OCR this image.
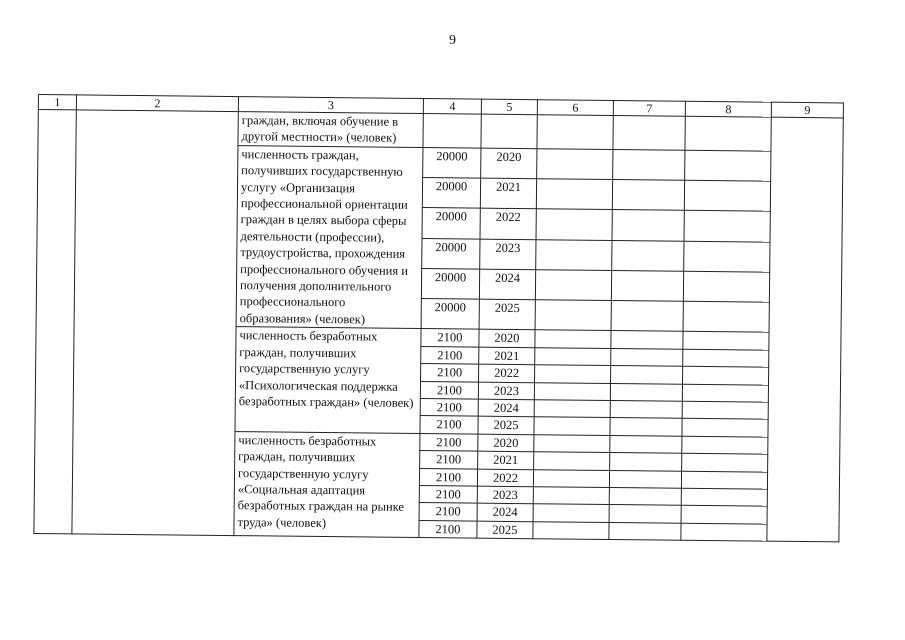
9
1	2	3	4	5	6	7	8	9
		граждан, включая обучение в другой местности» (человек)						
		численность граждан, получивших государственную услугу «Организация профессиональной ориентации граждан в целях выбора сферы деятельности (профессии), трудоустройства, прохождения профессионального обучения и получения дополнительного профессионального образования» (человек)	20000	2020				
			20000	2021				
			20000	2022				
			20000	2023				
			20000	2024				
			20000	2025				
		численность безработных граждан, получивших государственную услугу «Психологическая поддержка безработных граждан» (человек)	2100	2020				
			2100	2021				
			2100	2022				
			2100	2023				
			2100	2024				
			2100	2025				
		численность безработных граждан, получивших государственную услугу «Социальная адаптация безработных граждан на рынке труда» (человек)	2100	2020				
			2100	2021				
			2100	2022				
			2100	2023				
			2100	2024				
			2100	2025				
